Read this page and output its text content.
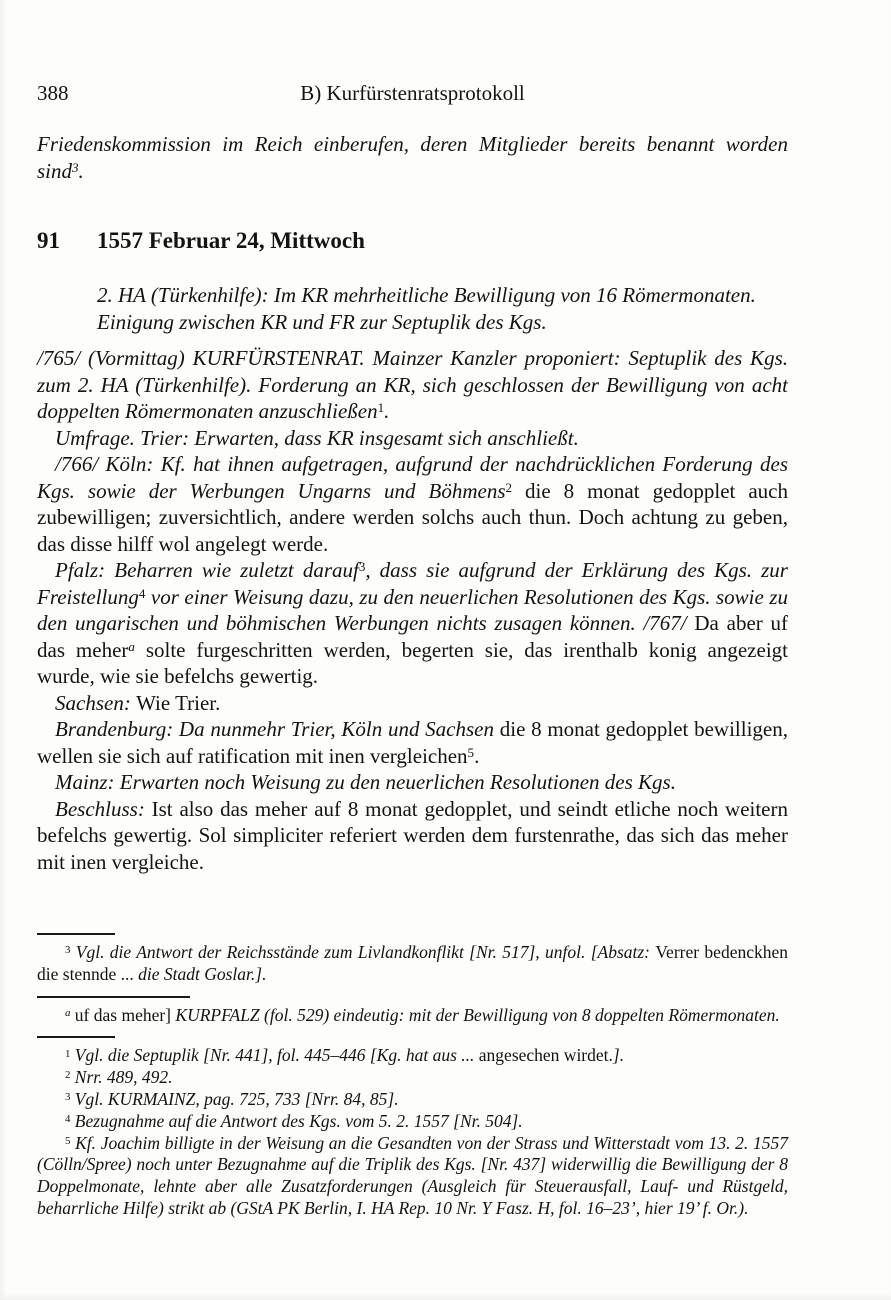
388	B) Kurfürstenratsprotokoll

Friedenskommission im Reich einberufen, deren Mitglieder bereits benannt worden sind$^3$.

91 1557 Februar 24, Mittwoch
2. HA (Türkenhilfe): Im KR mehrheitliche Bewilligung von 16 Römermonaten.
Einigung zwischen KR und FR zur Septuplik des Kgs.

/765/ (Vormittag) KURFÜRSTENRAT. Mainzer Kanzler proponiert: Septuplik des Kgs. zum 2. HA (Türkenhilfe). Forderung an KR, sich geschlossen der Bewilligung von acht doppelten Römermonaten anzuschließen$^1$.

Umfrage. Trier: Erwarten, dass KR insgesamt sich anschließt.

/766/ Köln: Kf. hat ihnen aufgetragen, aufgrund der nachdrücklichen Forderung des Kgs. sowie der Werbungen Ungarns und Böhmens$^2$ die 8 monat gedopplet auch zubewilligen; zuversichtlich, andere werden solchs auch thun. Doch achtung zu geben, das disse hilff wol angelegt werde.

Pfalz: Beharren wie zuletzt darauf$^3$, dass sie aufgrund der Erklärung des Kgs. zur Freistellung$^4$ vor einer Weisung dazu, zu den neuerlichen Resolutionen des Kgs. sowie zu den ungarischen und böhmischen Werbungen nichts zusagen können. /767/ Da aber uf das meher$^a$ solte furgeschritten werden, begerten sie, das irenthalb konig angezeigt wurde, wie sie befelchs gewertig.

Sachsen: Wie Trier.

Brandenburg: Da nunmehr Trier, Köln und Sachsen die 8 monat gedopplet bewilligen, wellen sie sich auf ratification mit inen vergleichen$^5$.

Mainz: Erwarten noch Weisung zu den neuerlichen Resolutionen des Kgs.

Beschluss: Ist also das meher auf 8 monat gedopplet, und seindt etliche noch weitern befelchs gewertig. Sol simpliciter referiert werden dem furstenrathe, das sich das meher mit inen vergleiche.

$^3$ Vgl. die Antwort der Reichsstände zum Livlandkonflikt [Nr. 517], unfol. [Absatz: Verrer bedenckhen die stennde ... die Stadt Goslar.].

$^a$ uf das meher] KURPFALZ (fol. 529) eindeutig: mit der Bewilligung von 8 doppelten Römermonaten.

$^1$ Vgl. die Septuplik [Nr. 441], fol. 445–446 [Kg. hat aus ... angesechen wirdet.].

$^2$ Nrr. 489, 492.

$^3$ Vgl. KURMAINZ, pag. 725, 733 [Nrr. 84, 85].

$^4$ Bezugnahme auf die Antwort des Kgs. vom 5. 2. 1557 [Nr. 504].

$^5$ Kf. Joachim billigte in der Weisung an die Gesandten von der Strass und Witterstadt vom 13. 2. 1557 (Cölln/Spree) noch unter Bezugnahme auf die Triplik des Kgs. [Nr. 437] widerwillig die Bewilligung der 8 Doppelmonate, lehnte aber alle Zusatzforderungen (Ausgleich für Steuerausfall, Lauf- und Rüstgeld, beharrliche Hilfe) strikt ab (GStA PK Berlin, I. HA Rep. 10 Nr. Y Fasz. H, fol. 16–23’, hier 19’ f. Or.).
